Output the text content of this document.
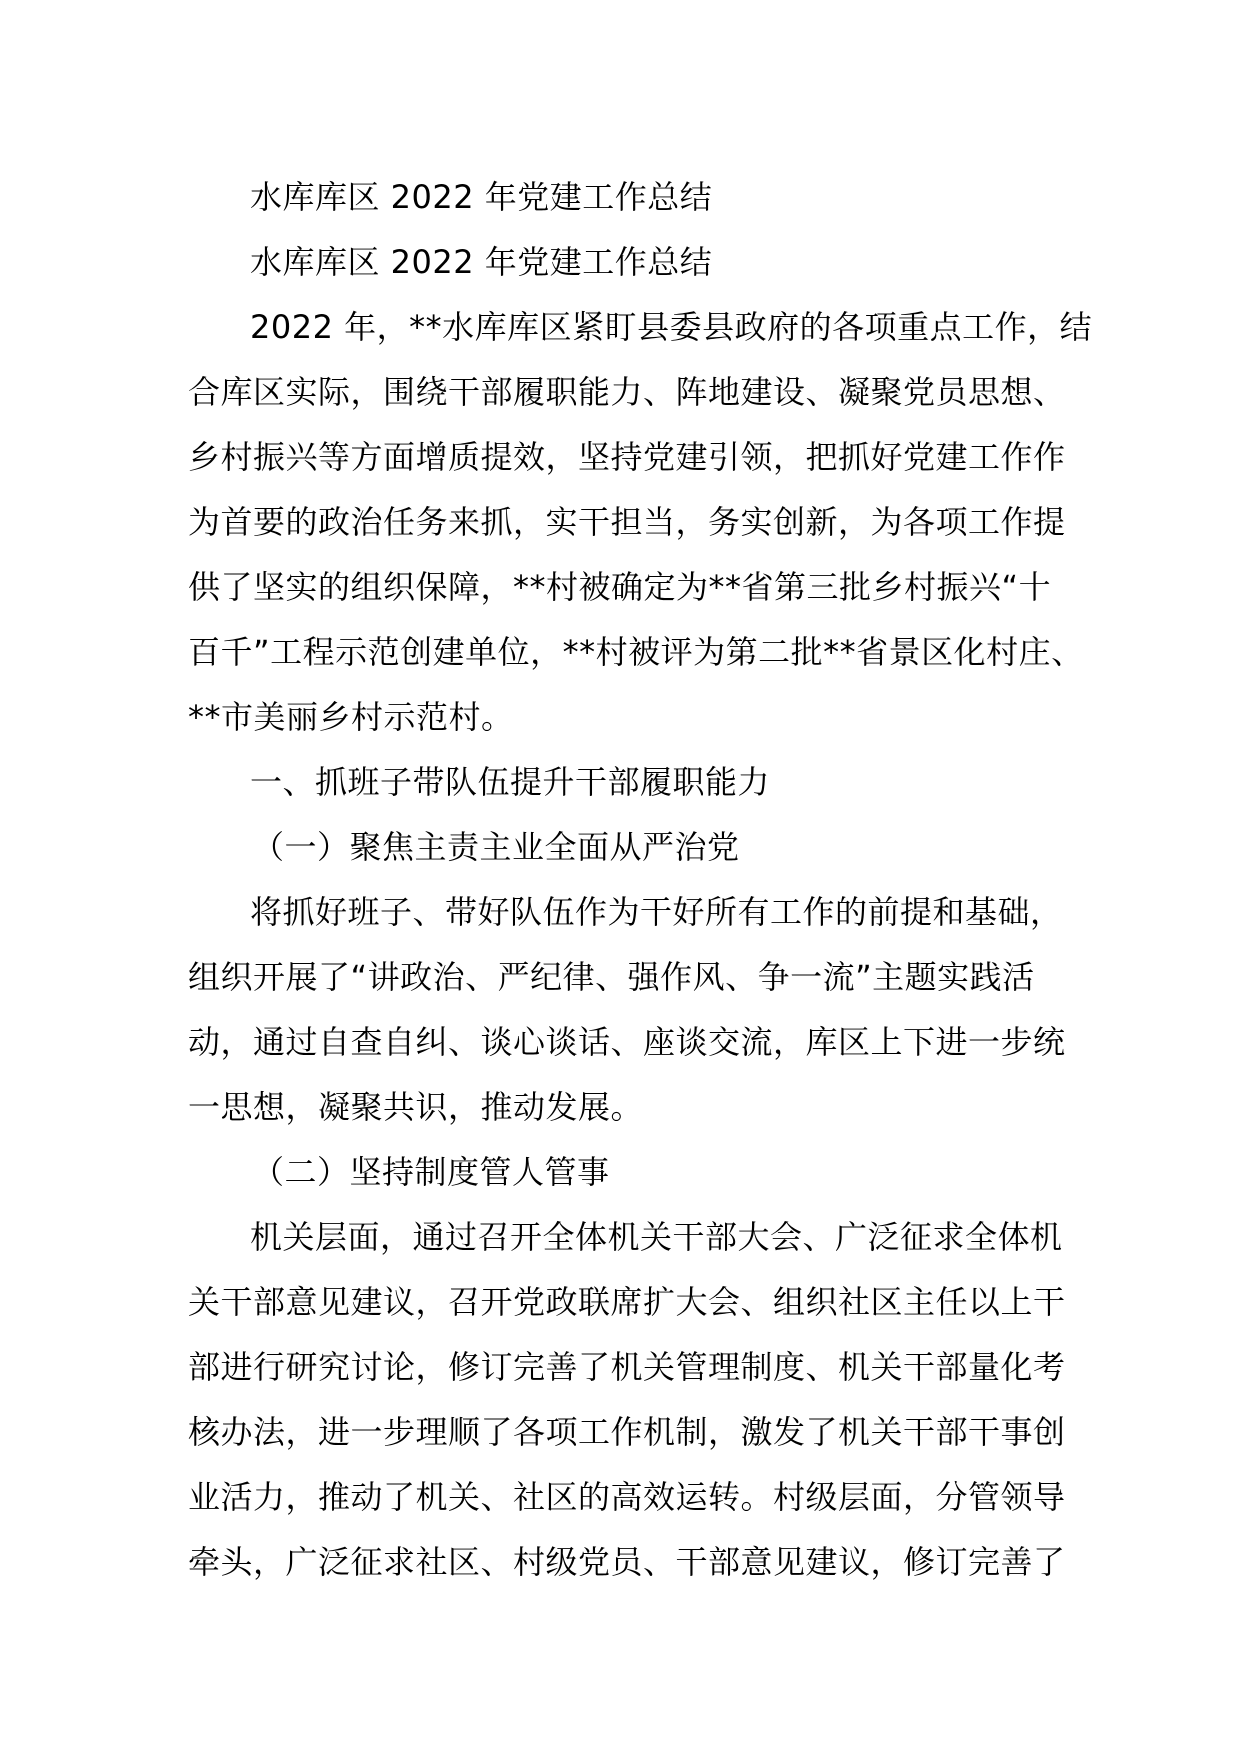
水库库区 2022 年党建工作总结
水库库区 2022 年党建工作总结
2022 年，**水库库区紧盯县委县政府的各项重点工作，结
合库区实际，围绕干部履职能力、阵地建设、凝聚党员思想、
乡村振兴等方面增质提效，坚持党建引领，把抓好党建工作作
为首要的政治任务来抓，实干担当，务实创新，为各项工作提
供了坚实的组织保障，**村被确定为**省第三批乡村振兴“十
百千”工程示范创建单位，**村被评为第二批**省景区化村庄、
**市美丽乡村示范村。
一、抓班子带队伍提升干部履职能力
（一）聚焦主责主业全面从严治党
将抓好班子、带好队伍作为干好所有工作的前提和基础，
组织开展了“讲政治、严纪律、强作风、争一流”主题实践活
动，通过自查自纠、谈心谈话、座谈交流，库区上下进一步统
一思想，凝聚共识，推动发展。
（二）坚持制度管人管事
机关层面，通过召开全体机关干部大会、广泛征求全体机
关干部意见建议，召开党政联席扩大会、组织社区主任以上干
部进行研究讨论，修订完善了机关管理制度、机关干部量化考
核办法，进一步理顺了各项工作机制，激发了机关干部干事创
业活力，推动了机关、社区的高效运转。村级层面，分管领导
牵头，广泛征求社区、村级党员、干部意见建议，修订完善了
